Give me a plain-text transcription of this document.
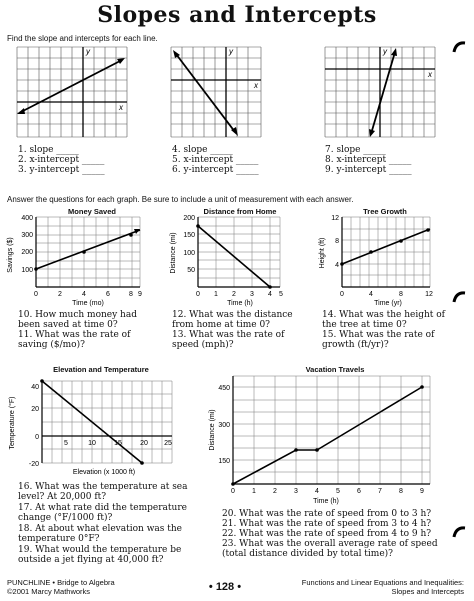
Slopes and Intercepts
Find the slope and intercepts for each line.
x
y
x
y
x
y
1. slope _____
2. x-intercept _____
3. y-intercept _____
4. slope _____
5. x-intercept _____
6. y-intercept _____
7. slope _____
8. x-intercept _____
9. y-intercept _____
Answer the questions for each graph. Be sure to include a unit of measurement with each answer.
Money Saved
400
300
200
100
0	2	4	6	8 9
Time (mo)
Savings ($)
Distance from Home
200
150
100
50
0 1 2 3 4 5
Time (h)
Distance (mi)
Tree Growth
12
8
4
0	4	8	12
Time (yr)
Height (ft)
10. How much money had been saved at time 0?
11. What was the rate of saving ($/mo)?
12. What was the distance from home at time 0?
13. What was the rate of speed (mph)?
14. What was the height of the tree at time 0?
15. What was the rate of growth (ft/yr)?
Elevation and Temperature
40
20
0
-20
5	10	15	20 25
Elevation (x 1000 ft)
Temperature (°F)
16. What was the temperature at sea level? At 20,000 ft?
17. At what rate did the temperature change (°F/1000 ft)?
18. At about what elevation was the temperature 0°F?
19. What would the temperature be outside a jet flying at 40,000 ft?
Vacation Travels
450
300
150
0 1 2 3 4 5 6 7 8 9
Time (h)
Distance (mi)
20. What was the rate of speed from 0 to 3 h?
21. What was the rate of speed from 3 to 4 h?
22. What was the rate of speed from 4 to 9 h?
23. What was the overall average rate of speed (total distance divided by total time)?
PUNCHLINE • Bridge to Algebra
©2001 Marcy Mathworks	• 128 •	Functions and Linear Equations and Inequalities:
Slopes and Intercepts
